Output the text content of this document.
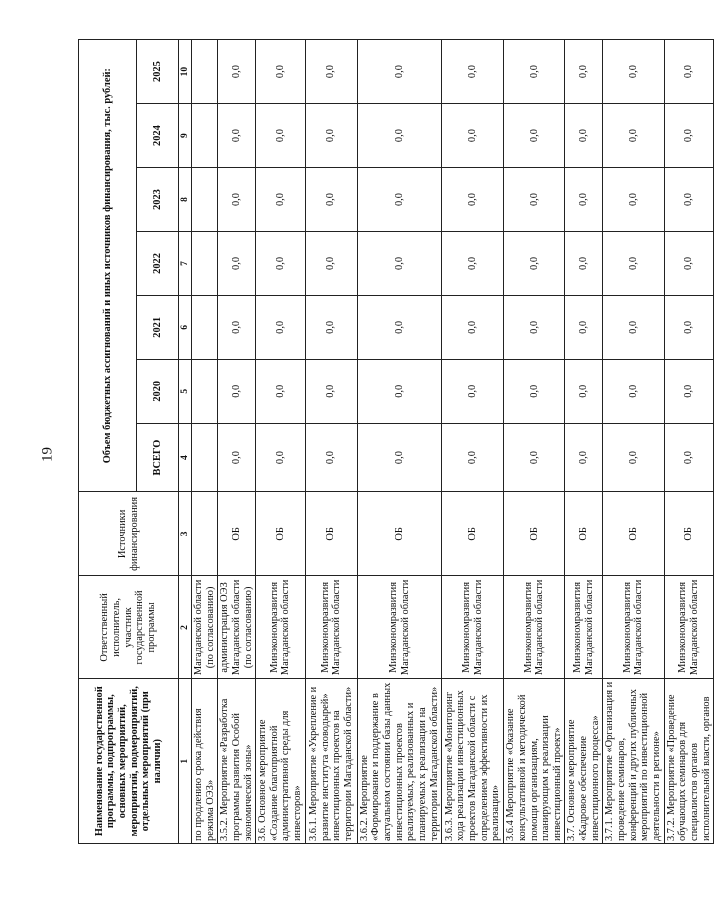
19
Наименование государственной программы, подпрограммы, основных мероприятий, мероприятий, подмероприятий, отдельных мероприятий (при наличии)	Ответственный исполнитель, участник государственной программы	Источники финансирования	Объем бюджетных ассигнований и иных источников финансирования, тыс. рублей:						
			ВСЕГО	2020	2021	2022	2023	2024	2025
1	2	3	4	5	6	7	8	9	10
по продлению срока действия режима ОЭЗ»	Магаданской области (по согласованию)								
3.5.2. Мероприятие «Разработка программы развития Особой экономической зоны»	администрация ОЭЗ Магаданской области (по согласованию)	ОБ	0,0	0,0	0,0	0,0	0,0	0,0	0,0
3.6. Основное мероприятие «Создание благоприятной административной среды для инвесторов»	Минэкономразвития Магаданской области	ОБ	0,0	0,0	0,0	0,0	0,0	0,0	0,0
3.6.1. Мероприятие «Укрепление и развитие института «поводырей» инвестиционных проектов на территории Магаданской области»	Минэкономразвития Магаданской области	ОБ	0,0	0,0	0,0	0,0	0,0	0,0	0,0
3.6.2. Мероприятие «Формирование и поддержание в актуальном состоянии базы данных инвестиционных проектов реализуемых, реализованных и планируемых к реализации на территории Магаданской области»	Минэкономразвития Магаданской области	ОБ	0,0	0,0	0,0	0,0	0,0	0,0	0,0
3.6.3. Мероприятие «Мониторинг хода реализации инвестиционных проектов Магаданской области с определением эффективности их реализации»	Минэкономразвития Магаданской области	ОБ	0,0	0,0	0,0	0,0	0,0	0,0	0,0
3.6.4 Мероприятие «Оказание консультативной и методической помощи организациям, планирующим к реализации инвестиционный проект»	Минэкономразвития Магаданской области	ОБ	0,0	0,0	0,0	0,0	0,0	0,0	0,0
3.7. Основное мероприятие «Кадровое обеспечение инвестиционного процесса»	Минэкономразвития Магаданской области	ОБ	0,0	0,0	0,0	0,0	0,0	0,0	0,0
3.7.1. Мероприятие «Организация и проведение семинаров, конференций и других публичных мероприятий по инвестиционной деятельности в регионе»	Минэкономразвития Магаданской области	ОБ	0,0	0,0	0,0	0,0	0,0	0,0	0,0
3.7.2. Мероприятие «Проведение обучающих семинаров для специалистов органов исполнительной власти, органов	Минэкономразвития Магаданской области	ОБ	0,0	0,0	0,0	0,0	0,0	0,0	0,0
